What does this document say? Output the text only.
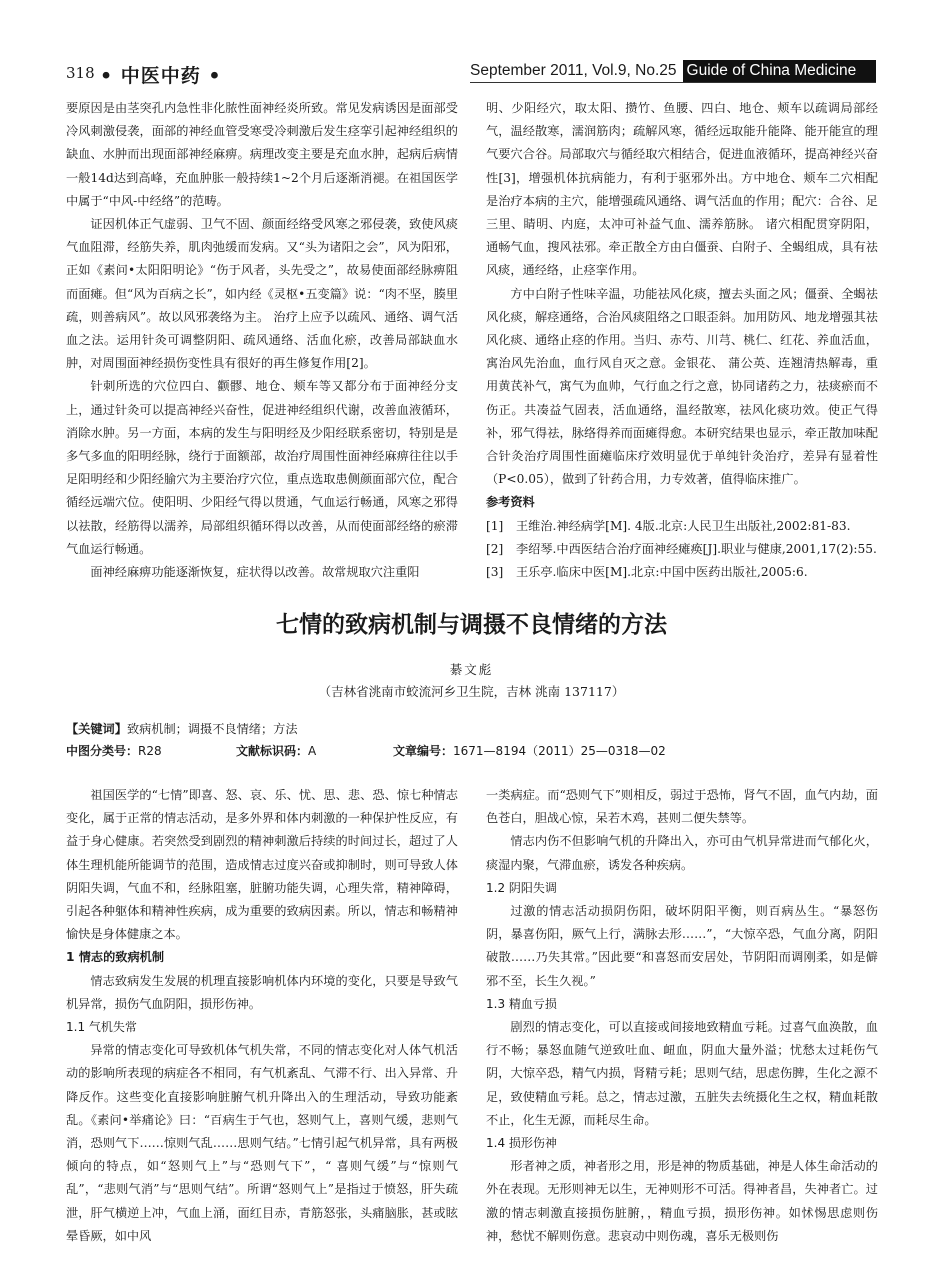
318 • 中医中药 •	September 2011, Vol.9, No.25 Guide of China Medicine

要原因是由茎突孔内急性非化脓性面神经炎所致。常见发病诱因是面部受冷风刺激侵袭，面部的神经血管受寒受冷刺激后发生痉挛引起神经组织的缺血、水肿而出现面部神经麻痹。病理改变主要是充血水肿，起病后病情一般14d达到高峰，充血肿胀一般持续1~2个月后逐渐消褪。在祖国医学中属于“中风-中经络”的范畴。

证因机体正气虚弱、卫气不固、颜面经络受风寒之邪侵袭，致使风痰气血阻滞，经筋失养，肌肉弛缓而发病。又“头为诸阳之会”，风为阳邪，正如《素问•太阳阳明论》“伤于风者，头先受之”，故易使面部经脉痹阻而面瘫。但“风为百病之长”，如内经《灵枢•五变篇》说：“肉不坚，腠里疏，则善病风”。故以风邪袭络为主。 治疗上应予以疏风、通络、调气活血之法。运用针灸可调整阴阳、疏风通络、活血化瘀，改善局部缺血水肿，对周围面神经损伤变性具有很好的再生修复作用[2]。

针刺所选的穴位四白、颧髎、地仓、颊车等又都分布于面神经分支上，通过针灸可以提高神经兴奋性，促进神经组织代谢，改善血液循环，消除水肿。另一方面，本病的发生与阳明经及少阳经联系密切，特别是是多气多血的阳明经脉，绕行于面额部，故治疗周围性面神经麻痹往往以手足阳明经和少阳经腧穴为主要治疗穴位，重点选取患侧颜面部穴位，配合循经远端穴位。使阳明、少阳经气得以贯通，气血运行畅通，风寒之邪得以祛散，经筋得以濡养，局部组织循环得以改善，从而使面部经络的瘀滞气血运行畅通。

面神经麻痹功能逐渐恢复，症状得以改善。故常规取穴注重阳

明、少阳经穴，取太阳、攒竹、鱼腰、四白、地仓、颊车以疏调局部经气，温经散寒，濡润筋肉；疏解风寒，循经远取能升能降、能开能宣的理气要穴合谷。局部取穴与循经取穴相结合，促进血液循环，提高神经兴奋性[3]，增强机体抗病能力，有利于驱邪外出。方中地仓、颊车二穴相配是治疗本病的主穴，能增强疏风通络、调气活血的作用；配穴：合谷、足三里、睛明、内庭，太冲可补益气血、濡养筋脉。 诸穴相配贯穿阴阳，通畅气血，搜风祛邪。牵正散全方由白僵蚕、白附子、全蝎组成，具有祛风痰，通经络，止痉挛作用。

方中白附子性味辛温，功能祛风化痰，擅去头面之风；僵蚕、全蝎祛风化痰，解痉通络，合治风痰阻络之口眼歪斜。加用防风、地龙增强其祛风化痰、通络止痉的作用。当归、赤芍、川芎、桃仁、红花、养血活血，寓治风先治血，血行风自灭之意。金银花、 蒲公英、连翘清热解毒，重用黄芪补气，寓气为血帅，气行血之行之意，协同诸药之力，祛痰瘀而不伤正。共凑益气固表，活血通络，温经散寒，祛风化痰功效。使正气得补，邪气得祛，脉络得养而面瘫得愈。本研究结果也显示，牵正散加味配合针灸治疗周围性面瘫临床疗效明显优于单纯针灸治疗，差异有显着性（P<0.05），做到了针药合用，力专效著，值得临床推广。

参考资料

[1] 王维治.神经病学[M]. 4版.北京:人民卫生出版社,2002:81-83.

[2] 李绍琴.中西医结合治疗面神经瘫痪[J].职业与健康,2001,17(2):55.

[3] 王乐亭.临床中医[M].北京:中国中医药出版社,2005:6.

七情的致病机制与调摄不良情绪的方法
綦文彪
（吉林省洮南市蛟流河乡卫生院，吉林 洮南 137117）
【关键词】致病机制；调摄不良情绪；方法
中图分类号：R28	文献标识码：A	文章编号：1671—8194（2011）25—0318—02

祖国医学的“七情”即喜、怒、哀、乐、忧、思、悲、恐、惊七种情志变化，属于正常的情志活动，是多外界和体内刺激的一种保护性反应，有益于身心健康。若突然受到剧烈的精神刺激后持续的时间过长，超过了人体生理机能所能调节的范围，造成情志过度兴奋或抑制时，则可导致人体阴阳失调，气血不和，经脉阻塞，脏腑功能失调，心理失常，精神障碍，引起各种躯体和精神性疾病，成为重要的致病因素。所以，情志和畅精神愉快是身体健康之本。

1 情志的致病机制

情志致病发生发展的机理直接影响机体内环境的变化，只要是导致气机异常，损伤气血阴阳，损形伤神。

1.1 气机失常

异常的情志变化可导致机体气机失常，不同的情志变化对人体气机活动的影响所表现的病症各不相同，有气机紊乱、气滞不行、出入异常、升降反作。这些变化直接影响脏腑气机升降出入的生理活动，导致功能紊乱。《素问•举痛论》曰：“百病生于气也，怒则气上，喜则气缓，悲则气消，恐则气下……惊则气乱……思则气结。”七情引起气机异常，具有两极倾向的特点，如“怒则气上”与“恐则气下”，“ 喜则气缓”与“惊则气乱”，“悲则气消”与“思则气结”。所谓“怒则气上”是指过于愤怒，肝失疏泄，肝气横逆上冲，气血上涌，面红目赤，青筋怒张，头痛脑胀，甚或眩晕昏厥，如中风

一类病症。而“恐则气下”则相反，弱过于恐怖，肾气不固，血气内劫，面色苍白，胆战心惊，呆若木鸡，甚则二便失禁等。

情志内伤不但影响气机的升降出入，亦可由气机异常进而气郁化火，痰湿内聚，气滞血瘀，诱发各种疾病。

1.2 阴阳失调

过激的情志活动损阴伤阳，破坏阴阳平衡，则百病丛生。“暴怒伤阴，暴喜伤阳，厥气上行，满脉去形……”，“大惊卒恐，气血分离，阴阳破散……乃失其常。”因此要“和喜怒而安居处，节阴阳而调刚柔，如是僻邪不至，长生久视。”

1.3 精血亏损

剧烈的情志变化，可以直接或间接地致精血亏耗。过喜气血涣散，血行不畅；暴怒血随气逆致吐血、衄血，阴血大量外溢；忧愁太过耗伤气阴，大惊卒恐，精气内损，肾精亏耗；思则气结，思虑伤脾，生化之源不足，致使精血亏耗。总之，情志过激，五脏失去统摄化生之权，精血耗散不止，化生无源，而耗尽生命。

1.4 损形伤神

形者神之质，神者形之用，形是神的物质基础，神是人体生命活动的外在表现。无形则神无以生，无神则形不可活。得神者昌，失神者亡。过激的情志刺激直接损伤脏腑，，精血亏损，损形伤神。如怵惕思虑则伤神，愁忧不解则伤意。悲哀动中则伤魂，喜乐无极则伤
